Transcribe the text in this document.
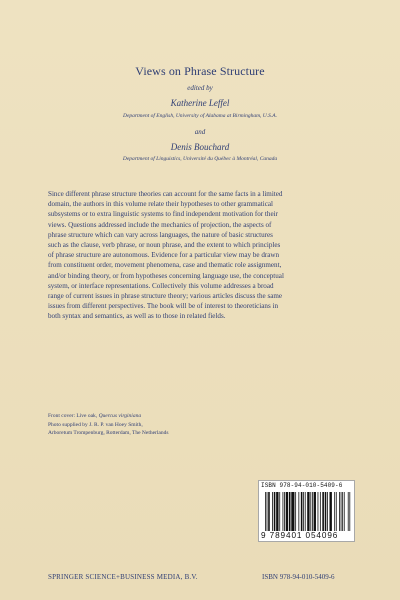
Views on Phrase Structure
edited by
Katherine Leffel
Department of English, University of Alabama at Birmingham, U.S.A.
and
Denis Bouchard
Department of Linguistics, Université du Québec à Montréal, Canada
Since different phrase structure theories can account for the same facts in a limited
domain, the authors in this volume relate their hypotheses to other grammatical
subsystems or to extra linguistic systems to find independent motivation for their
views. Questions addressed include the mechanics of projection, the aspects of
phrase structure which can vary across languages, the nature of basic structures
such as the clause, verb phrase, or noun phrase, and the extent to which principles
of phrase structure are autonomous. Evidence for a particular view may be drawn
from constituent order, movement phenomena, case and thematic role assignment,
and/or binding theory, or from hypotheses concerning language use, the conceptual
system, or interface representations. Collectively this volume addresses a broad
range of current issues in phrase structure theory; various articles discuss the same
issues from different perspectives. The book will be of interest to theoreticians in
both syntax and semantics, as well as to those in related fields.
Front cover: Live oak, Quercus virginiana
Photo supplied by J. R. P. van Hoey Smith,
Arboretum Trompenburg, Rotterdam, The Netherlands
ISBN 978-94-010-5409-6
9 789401 054096
SPRINGER SCIENCE+BUSINESS MEDIA, B.V.	ISBN 978-94-010-5409-6
